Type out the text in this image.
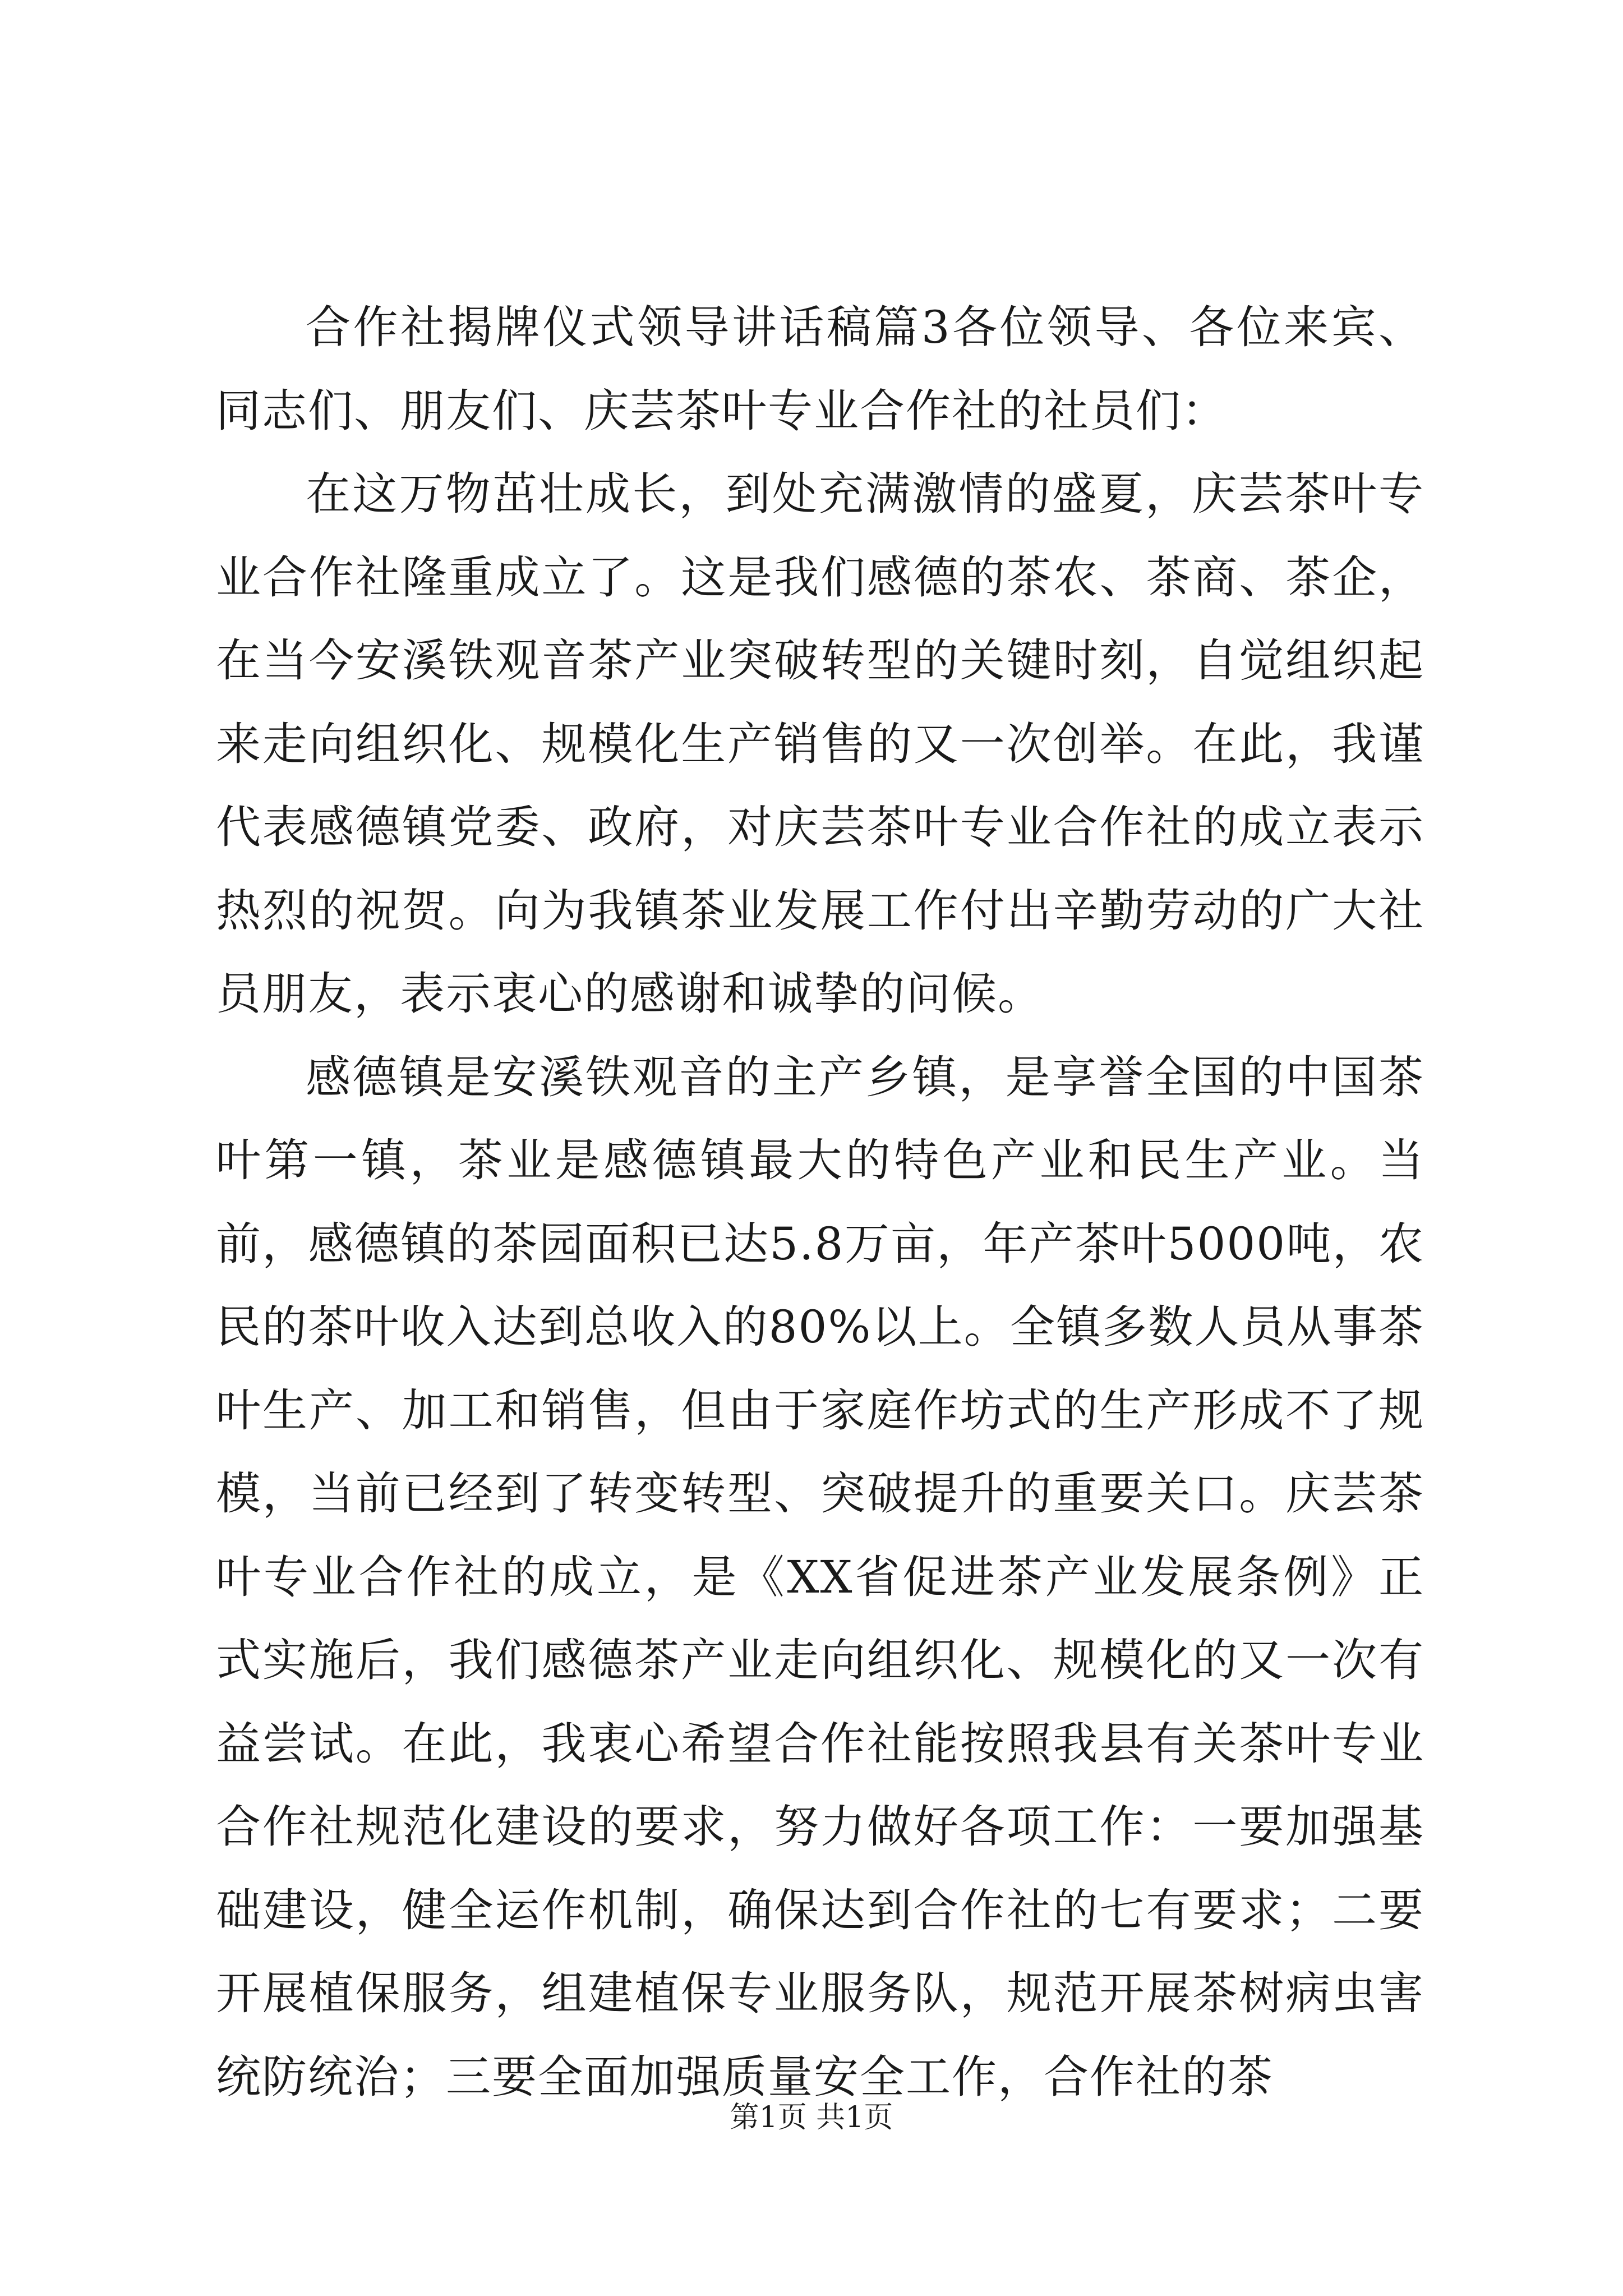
合作社揭牌仪式领导讲话稿篇3各位领导、各位来宾、同志们、朋友们、庆芸茶叶专业合作社的社员们：

在这万物茁壮成长，到处充满激情的盛夏，庆芸茶叶专业合作社隆重成立了。这是我们感德的茶农、茶商、茶企，在当今安溪铁观音茶产业突破转型的关键时刻，自觉组织起来走向组织化、规模化生产销售的又一次创举。在此，我谨代表感德镇党委、政府，对庆芸茶叶专业合作社的成立表示热烈的祝贺。向为我镇茶业发展工作付出辛勤劳动的广大社员朋友，表示衷心的感谢和诚挚的问候。

感德镇是安溪铁观音的主产乡镇，是享誉全国的中国茶叶第一镇，茶业是感德镇最大的特色产业和民生产业。当前，感德镇的茶园面积已达5.8万亩，年产茶叶5000吨，农民的茶叶收入达到总收入的80%以上。全镇多数人员从事茶叶生产、加工和销售，但由于家庭作坊式的生产形成不了规模，当前已经到了转变转型、突破提升的重要关口。庆芸茶叶专业合作社的成立，是《XX省促进茶产业发展条例》正式实施后，我们感德茶产业走向组织化、规模化的又一次有益尝试。在此，我衷心希望合作社能按照我县有关茶叶专业合作社规范化建设的要求，努力做好各项工作：一要加强基础建设，健全运作机制，确保达到合作社的七有要求；二要开展植保服务，组建植保专业服务队，规范开展茶树病虫害统防统治；三要全面加强质量安全工作，合作社的茶

第1页 共1页
